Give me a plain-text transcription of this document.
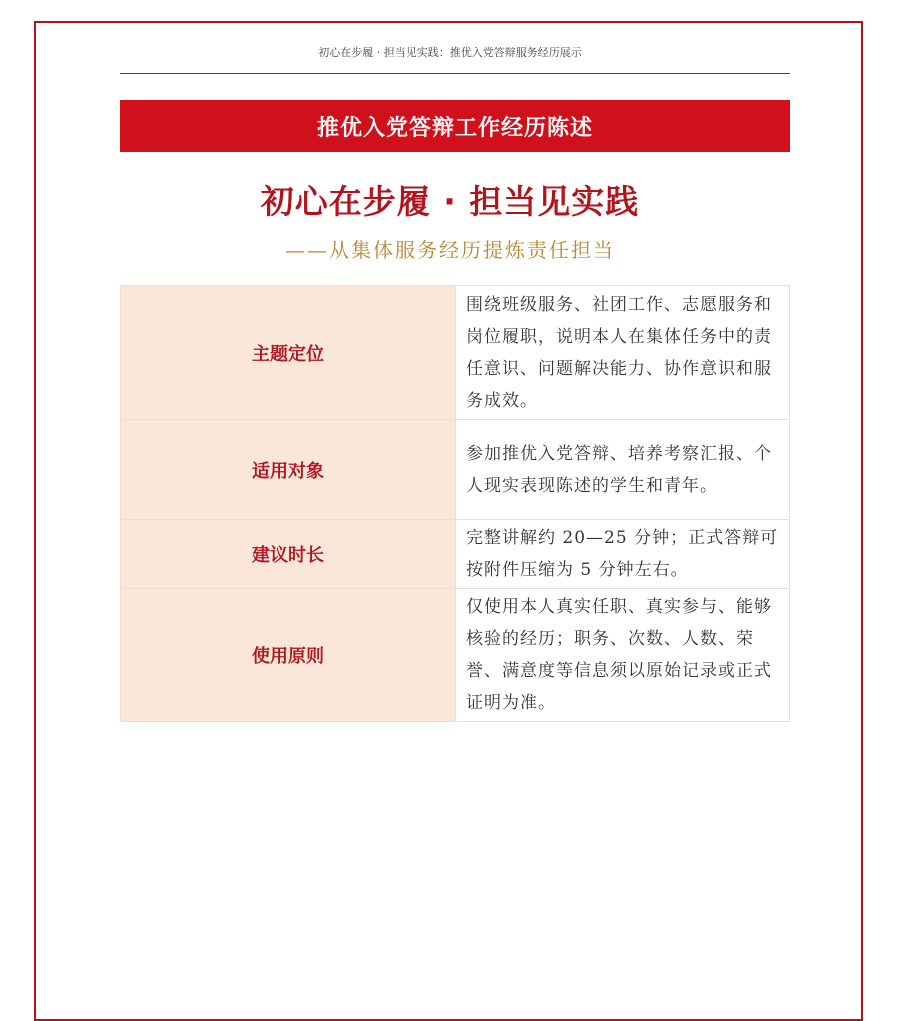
初心在步履 · 担当见实践：推优入党答辩服务经历展示
推优入党答辩工作经历陈述
初心在步履 · 担当见实践
——从集体服务经历提炼责任担当
主题定位	围绕班级服务、社团工作、志愿服务和岗位履职，说明本人在集体任务中的责任意识、问题解决能力、协作意识和服务成效。
适用对象	参加推优入党答辩、培养考察汇报、个人现实表现陈述的学生和青年。
建议时长	完整讲解约 20—25 分钟；正式答辩可按附件压缩为 5 分钟左右。
使用原则	仅使用本人真实任职、真实参与、能够核验的经历；职务、次数、人数、荣誉、满意度等信息须以原始记录或正式证明为准。
